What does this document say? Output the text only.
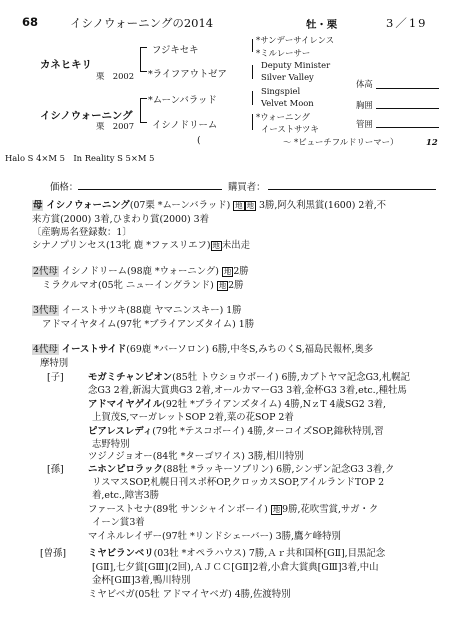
68	イシノウォーニングの2014	牡・栗	3／19
カネヒキリ
栗　2002
イシノウォーニング
栗　2007
フジキセキ
*ライフアウトゼア
*ムーンバラッド
イシノドリーム
*サンデーサイレンス
*ミルレーサー
Deputy Minister
Silver Valley
Singspiel
Velvet Moon
*ウォーニング
イーストサツキ
(	～ *ビューチフルドリーマー）	12
体高
胸囲
管囲
Halo S 4×M 5　In Reality S 5×M 5
価格：	購買者：
母 イシノウォーニング(07栗 *ムーンバラッド) 地 地 3勝,阿久利黒賞(1600) 2着,不
来方賞(2000) 3着,ひまわり賞(2000) 3着
〔産駒馬名登録数：1〕
シナノプリンセス(13牝 鹿 *ファスリエフ) 地 未出走
2代母 イシノドリーム(98鹿 *ウォーニング) 地 2勝
ミラクルマオ(05牝 ニューイングランド) 地 2勝
3代母 イーストサツキ(88鹿 ヤマニンスキー) 1勝
アドマイヤタイム(97牝 *ブライアンズタイム) 1勝
4代母 イーストサイド(69鹿 *バーソロン) 6勝,中冬S,みちのくS,福島民報杯,奥多
摩特別
[子]
[孫]
[曽孫]
モガミチャンピオン(85牡 トウショウボーイ) 6勝,カブトヤマ記念G3,札幌記
念G3 2着,新潟大賞典G3 2着,オールカマーG3 3着,金杯G3 3着,etc.,種牡馬
アドマイヤゲイル(92牡 *ブライアンズタイム) 4勝,NｚT 4歳SG2 3着,
上賀茂S,マーガレットSOP 2着,菜の花SOP 2着
ピアレスレディ(79牝 *テスコボーイ) 4勝,ターコイズSOP,錦秋特別,習
志野特別
ツジノジョオー(84牝 *ターゴワイス) 3勝,相川特別
ニホンピロラック(88牡 *ラッキーソブリン) 6勝,シンザン記念G3 3着,ク
リスマスSOP,札幌日刊スポ杯OP,クロッカスSOP,アイルランドTOP 2
着,etc.,障害3勝
ファーストセナ(89牝 サンシャインボーイ) 地 9勝,花吹雪賞,サガ・ク
イーン賞3着
マイネルレイザー(97牡 *リンドシェーバー) 3勝,鷹ケ峰特別
ミヤビランベリ(03牡 *オペラハウス) 7勝,Ａｒ共和国杯[GⅡ],目黒記念
[GⅡ],七夕賞[GⅢ](2回),ＡＪＣＣ[GⅡ]2着,小倉大賞典[GⅢ]3着,中山
金杯[GⅢ]3着,鴨川特別
ミヤビベガ(05牡 アドマイヤベガ) 4勝,佐渡特別
